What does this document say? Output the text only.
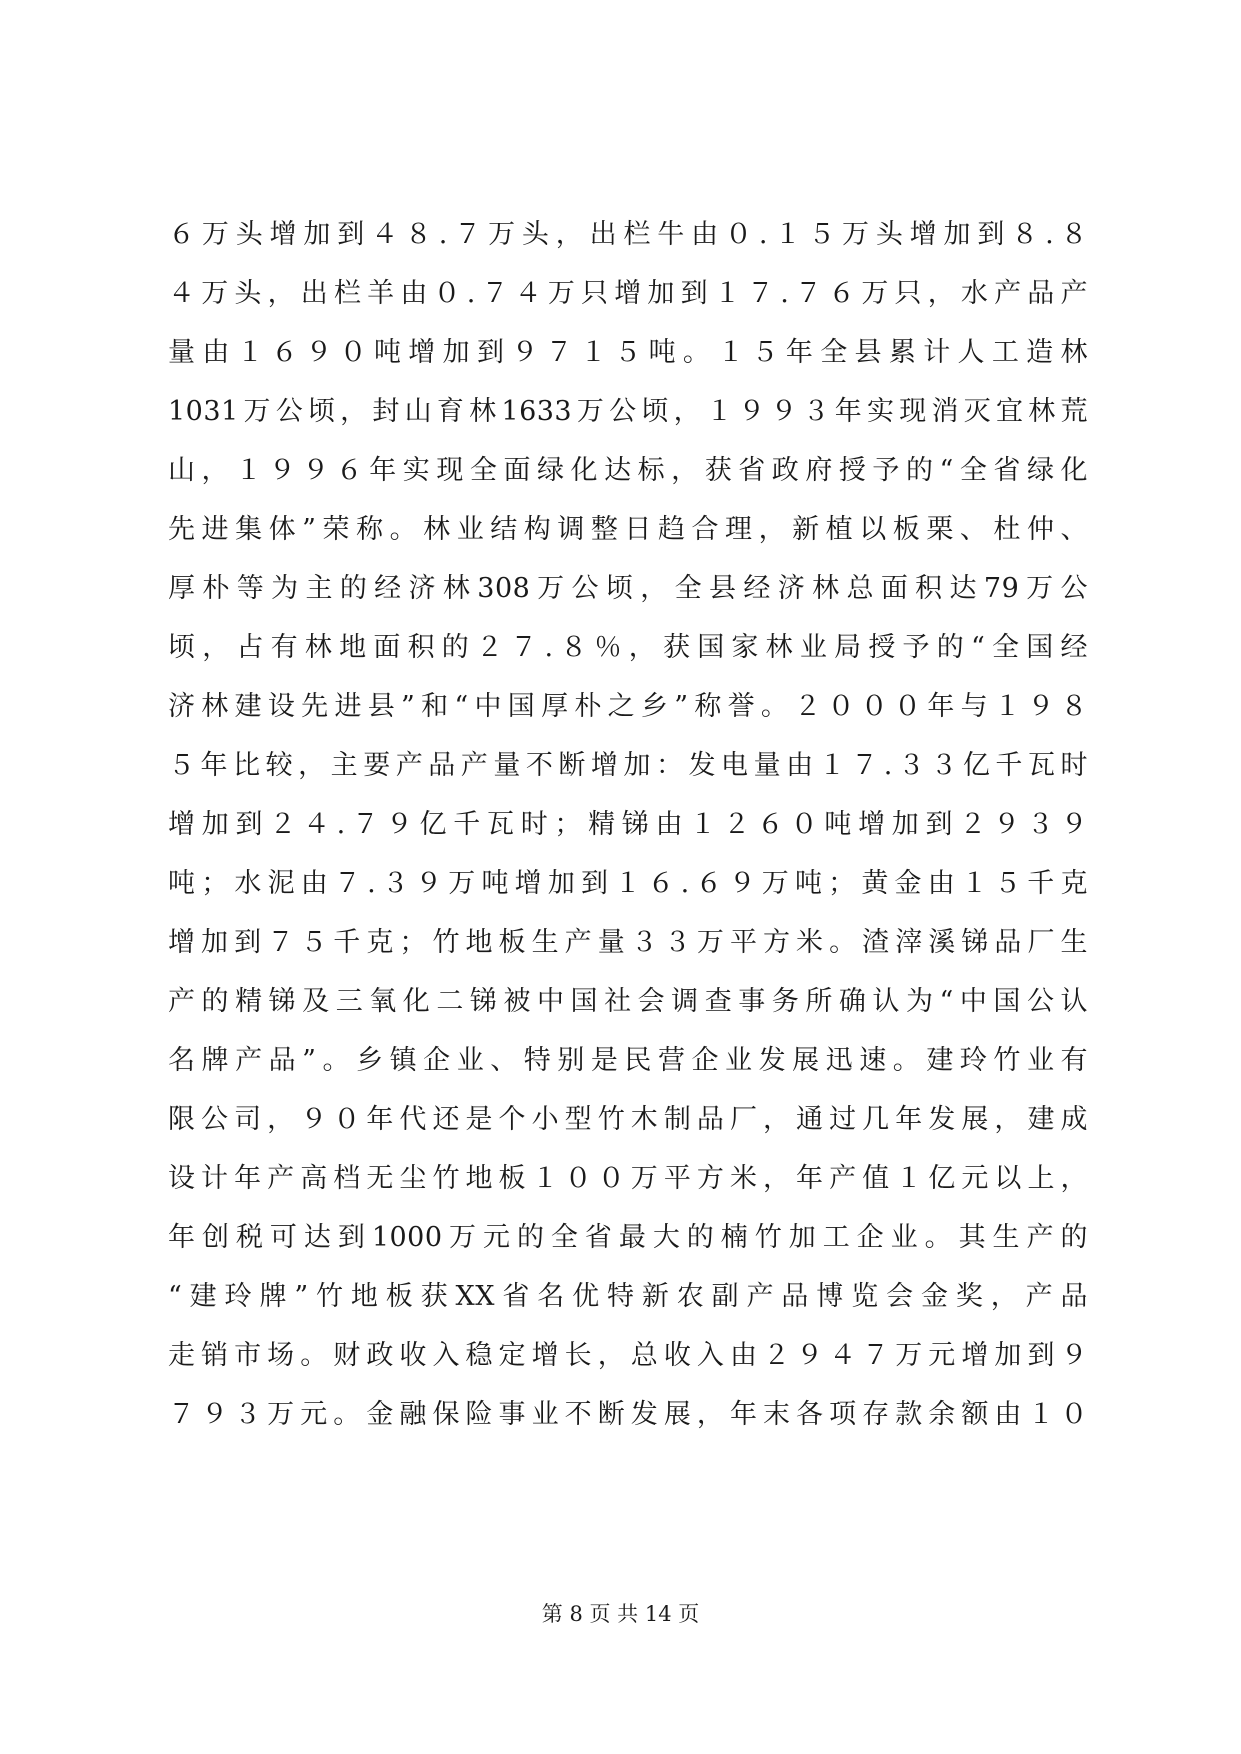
６万头增加到４８.７万头，出栏牛由０.１５万头增加到８.８
４万头，出栏羊由０.７４万只增加到１７.７６万只，水产品产
量由１６９０吨增加到９７１５吨。１５年全县累计人工造林
1031万公顷，封山育林1633万公顷，１９９３年实现消灭宜林荒
山，１９９６年实现全面绿化达标，获省政府授予的“全省绿化
先进集体”荣称。林业结构调整日趋合理，新植以板栗、杜仲、
厚朴等为主的经济林308万公顷，全县经济林总面积达79万公
顷，占有林地面积的２７.８％，获国家林业局授予的“全国经
济林建设先进县”和“中国厚朴之乡”称誉。２０００年与１９８
５年比较，主要产品产量不断增加：发电量由１７.３３亿千瓦时
增加到２４.７９亿千瓦时；精锑由１２６０吨增加到２９３９
吨；水泥由７.３９万吨增加到１６.６９万吨；黄金由１５千克
增加到７５千克；竹地板生产量３３万平方米。渣滓溪锑品厂生
产的精锑及三氧化二锑被中国社会调查事务所确认为“中国公认
名牌产品”。乡镇企业、特别是民营企业发展迅速。建玲竹业有
限公司，９０年代还是个小型竹木制品厂，通过几年发展，建成
设计年产高档无尘竹地板１００万平方米，年产值１亿元以上，
年创税可达到1000万元的全省最大的楠竹加工企业。其生产的
“建玲牌”竹地板获XX省名优特新农副产品博览会金奖，产品
走销市场。财政收入稳定增长，总收入由２９４７万元增加到９
７９３万元。金融保险事业不断发展，年末各项存款余额由１０
第 8 页 共 14 页
